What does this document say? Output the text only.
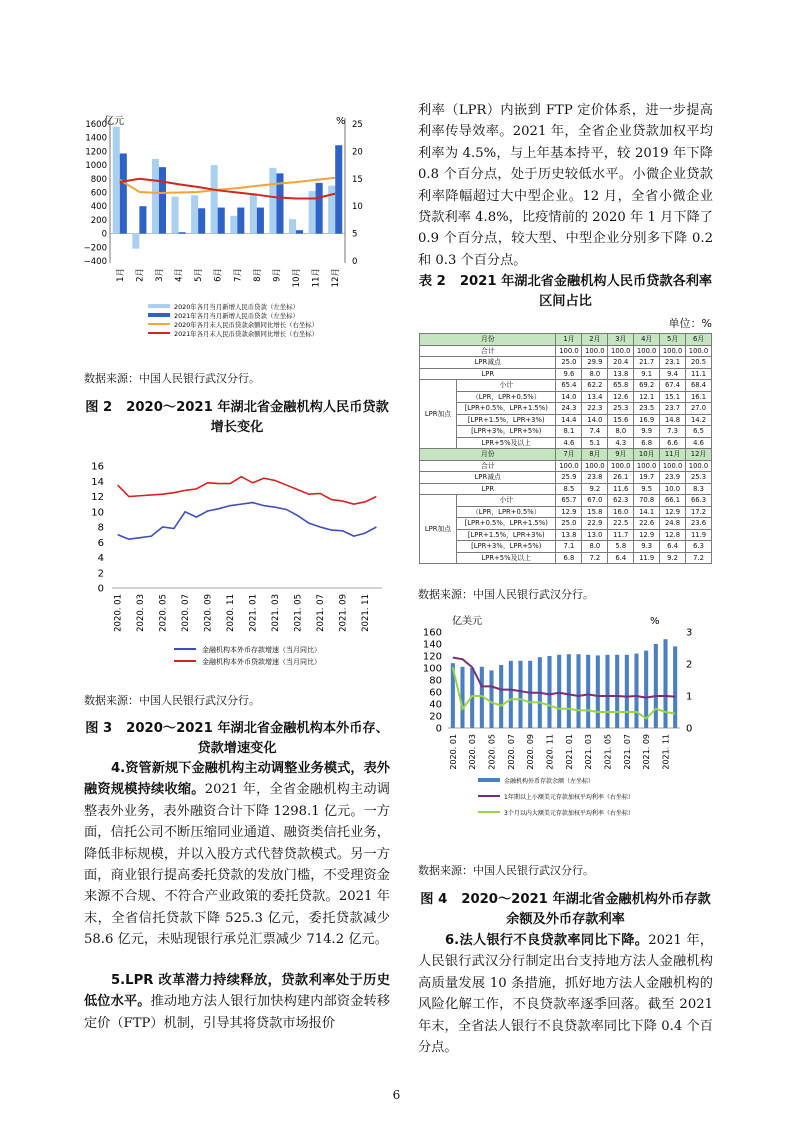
亿元	%
1600
1400
1200
1000
800
600
400
200
0
−200
−400
25
20
15
10
5
0
1月 2月 3月 4月 5月 6月 7月 8月 9月 10月 11月 12月
2020年各月当月新增人民币贷款（左坐标）
2021年各月当月新增人民币贷款（左坐标）
2020年各月末人民币贷款余额同比增长（右坐标）
2021年各月末人民币贷款余额同比增长（右坐标）
数据来源：中国人民银行武汉分行。
图 2 2020～2021 年湖北省金融机构人民币贷款增长变化
16
14
12
10
8
6
4
2
0
2020. 01 2020. 03 2020. 05 2020. 07 2020. 09 2020. 11 2021. 01 2021. 03 2021. 05 2021. 07 2021. 09 2021. 11
金融机构本外币存款增速（当月同比）
金融机构本外币贷款增速（当月同比）
数据来源：中国人民银行武汉分行。
图 3 2020～2021 年湖北省金融机构本外币存、贷款增速变化

4.资管新规下金融机构主动调整业务模式，表外融资规模持续收缩。2021 年，全省金融机构主动调整表外业务，表外融资合计下降 1298.1 亿元。一方面，信托公司不断压缩同业通道、融资类信托业务，降低非标规模，并以入股方式代替贷款模式。另一方面，商业银行提高委托贷款的发放门槛，不受理资金来源不合规、不符合产业政策的委托贷款。2021 年末，全省信托贷款下降 525.3 亿元，委托贷款减少 58.6 亿元，未贴现银行承兑汇票减少 714.2 亿元。

5.LPR 改革潜力持续释放，贷款利率处于历史低位水平。推动地方法人银行加快构建内部资金转移定价（FTP）机制，引导其将贷款市场报价

利率（LPR）内嵌到 FTP 定价体系，进一步提高利率传导效率。2021 年，全省企业贷款加权平均利率为 4.5%，与上年基本持平，较 2019 年下降 0.8 个百分点，处于历史较低水平。小微企业贷款利率降幅超过大中型企业。12 月，全省小微企业贷款利率 4.8%，比疫情前的 2020 年 1 月下降了 0.9 个百分点，较大型、中型企业分别多下降 0.2 和 0.3 个百分点。

表 2 2021 年湖北省金融机构人民币贷款各利率区间占比
单位：%
月份		1月	2月	3月	4月	5月	6月
合计		100.0	100.0	100.0	100.0	100.0	100.0
LPR减点		25.0	29.9	20.4	21.7	23.1	20.5
LPR		9.6	8.0	13.8	9.1	9.4	11.1
LPR加点	小计	65.4	62.2	65.8	69.2	67.4	68.4
	（LPR，LPR+0.5%）	14.0	13.4	12.6	12.1	15.1	16.1
	[LPR+0.5%，LPR+1.5%)	24.3	22.3	25.3	23.5	23.7	27.0
	[LPR+1.5%，LPR+3%)	14.4	14.0	15.6	16.9	14.8	14.2
	[LPR+3%，LPR+5%)	8.1	7.4	8.0	9.9	7.3	6.5
	LPR+5%及以上	4.6	5.1	4.3	6.8	6.6	4.6
月份		7月	8月	9月	10月	11月	12月
合计		100.0	100.0	100.0	100.0	100.0	100.0
LPR减点		25.9	23.8	26.1	19.7	23.9	25.3
LPR		8.5	9.2	11.6	9.5	10.0	8.3
LPR加点	小计	65.7	67.0	62.3	70.8	66.1	66.3
	（LPR，LPR+0.5%）	12.9	15.8	16.0	14.1	12.9	17.2
	[LPR+0.5%，LPR+1.5%)	25.0	22.9	22.5	22.6	24.8	23.6
	[LPR+1.5%，LPR+3%)	13.8	13.0	11.7	12.9	12.8	11.9
	[LPR+3%，LPR+5%)	7.1	8.0	5.8	9.3	6.4	6.3
	LPR+5%及以上	6.8	7.2	6.4	11.9	9.2	7.2
数据来源：中国人民银行武汉分行。
亿美元	%
160
140
120
100
80
60
40
20
0
3
2
1
0
2020. 01 2020. 03 2020. 05 2020. 07 2020. 09 2020. 11 2021. 01 2021. 03 2021. 05 2021. 07 2021. 09 2021. 11
金融机构外币存款余额（左坐标）
1年期以上小额美元存款加权平均利率（右坐标）
3个月以内大额美元存款加权平均利率（右坐标）
数据来源：中国人民银行武汉分行。
图 4 2020～2021 年湖北省金融机构外币存款余额及外币存款利率

6.法人银行不良贷款率同比下降。2021 年，人民银行武汉分行制定出台支持地方法人金融机构高质量发展 10 条措施，抓好地方法人金融机构的风险化解工作，不良贷款率逐季回落。截至 2021 年末，全省法人银行不良贷款率同比下降 0.4 个百分点。

6
